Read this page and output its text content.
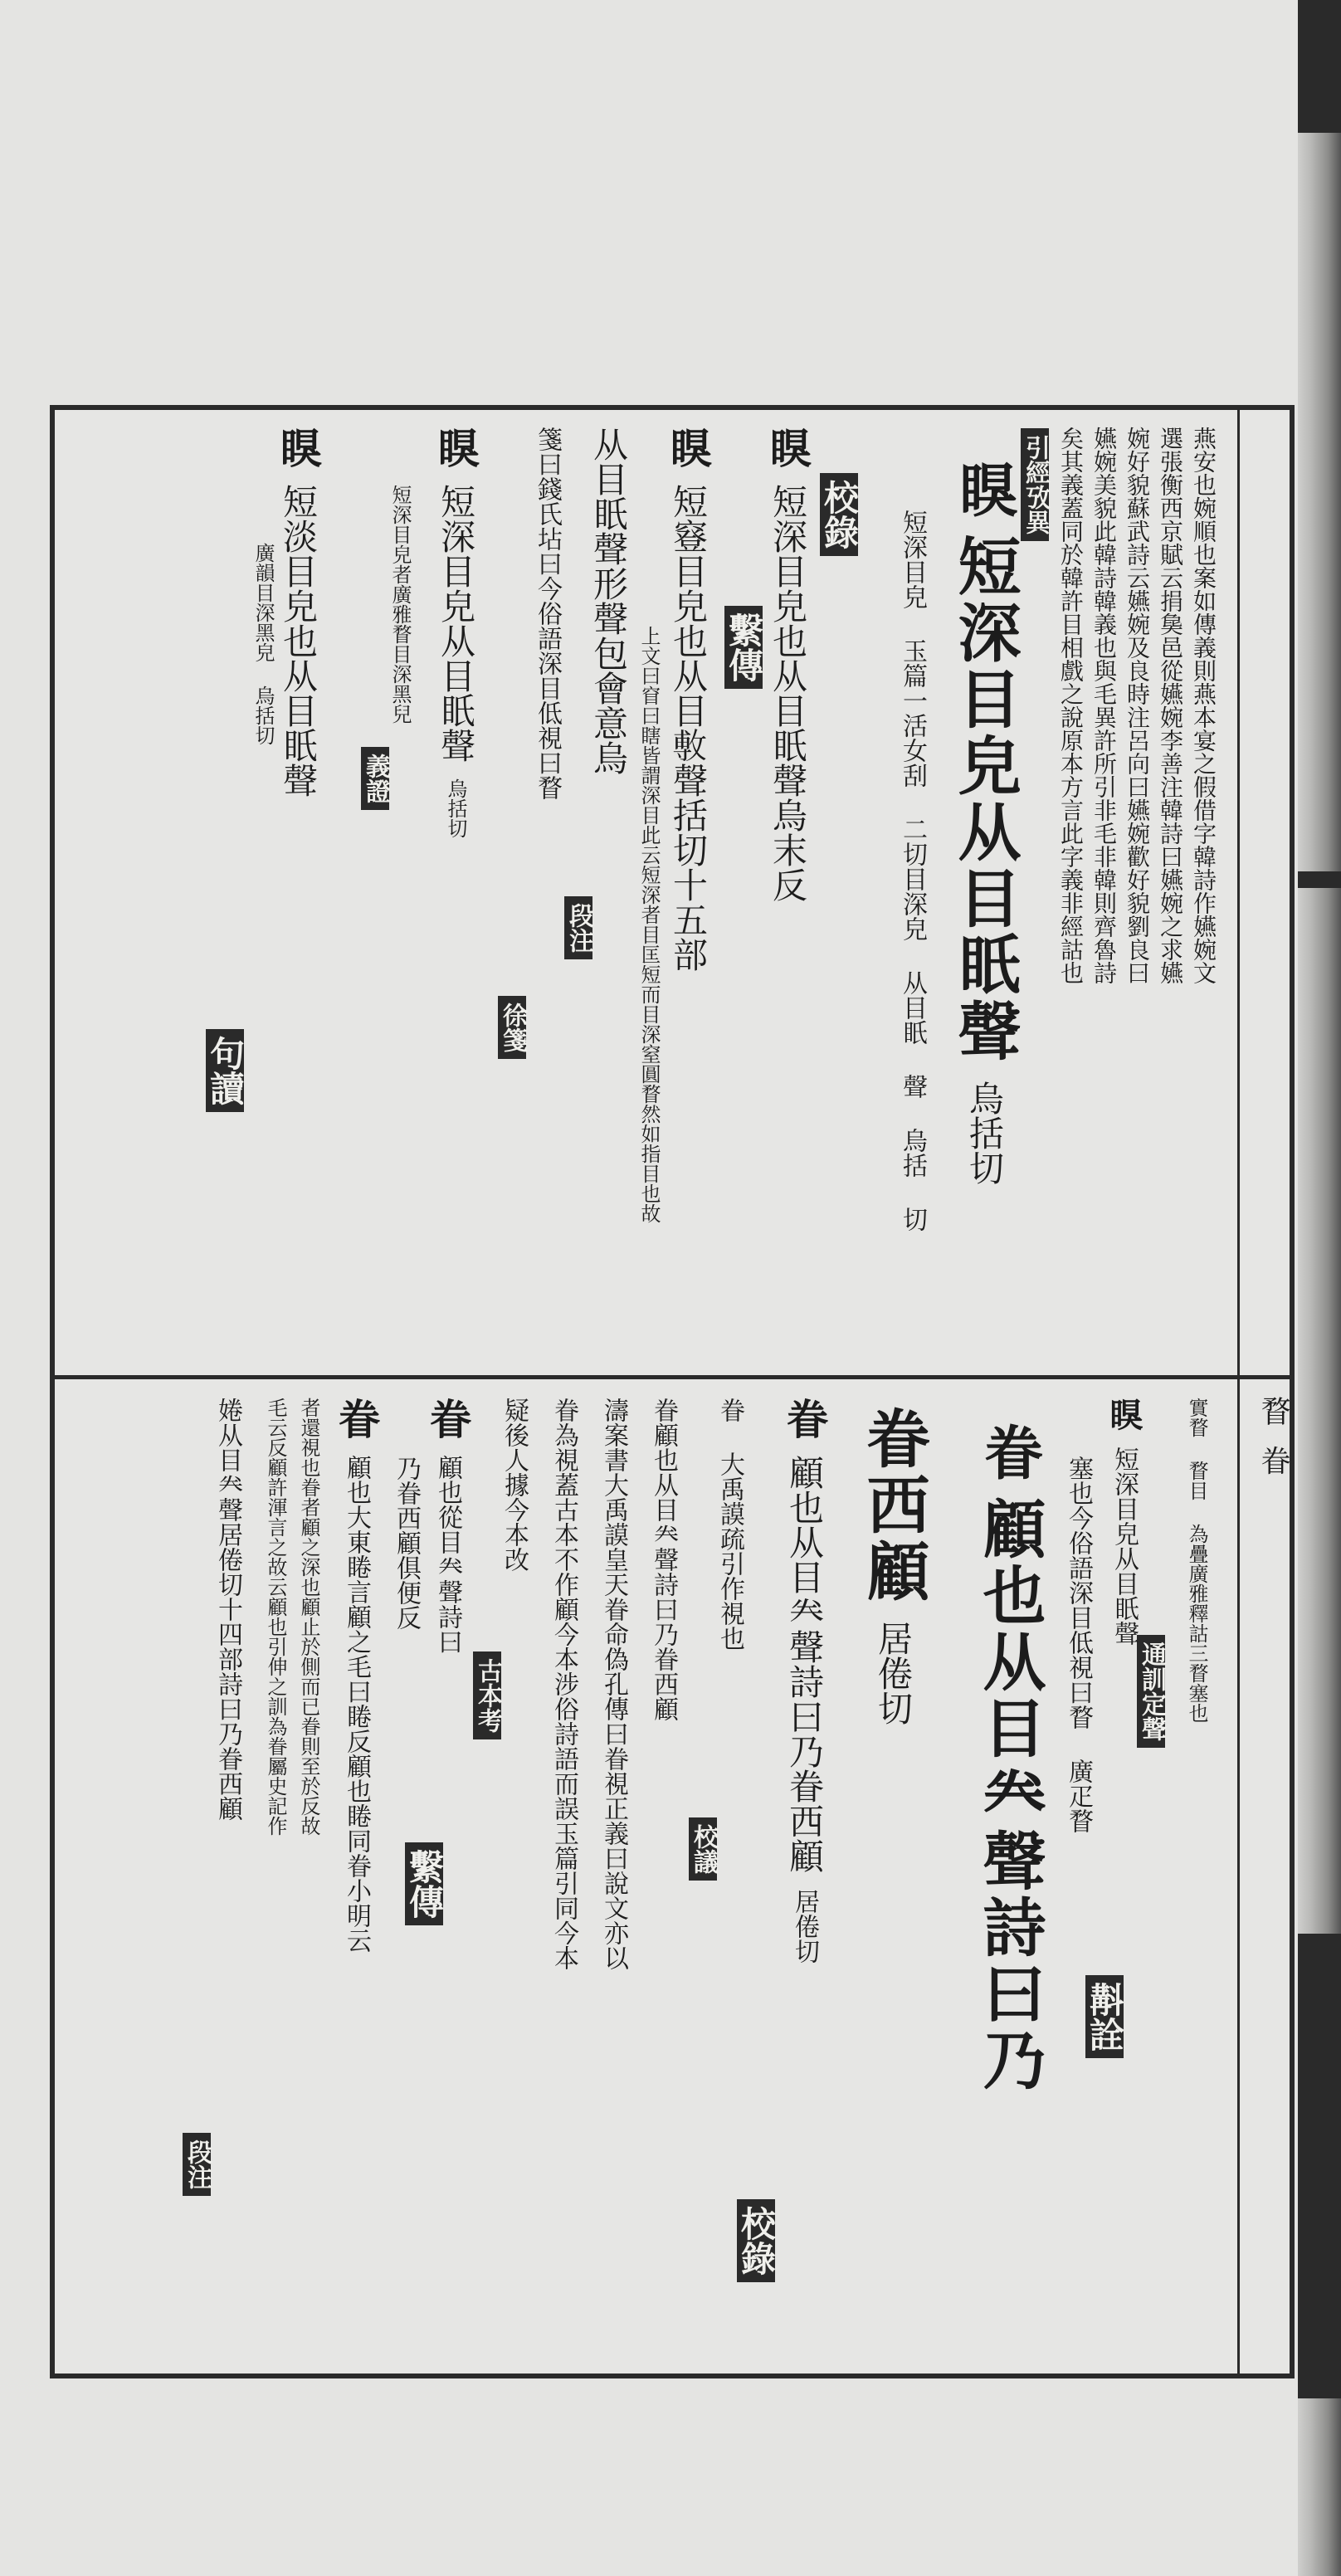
瞀 眷
燕安也婉順也案如傳義則燕本宴之假借字韓詩作嬿婉文
選張衡西京賦云捐㚟邑從嬿婉李善注韓詩曰嬿婉之求嬿
婉好貌蘇武詩云嬿婉及良時注呂向曰嬿婉歡好貌劉良曰
嬿婉美貌此韓詩韓義也與毛異許所引非毛非韓則齊魯詩
矣其義蓋同於韓許目相戲之說原本方言此字義非經詁也
引經攷異
瞁 短深目皃从目眂聲 烏括切
短深目皃 玉篇一活女刮 二切目深皃 从目眂 聲 烏括 切
校錄
瞁 短深目皃也从目眂聲烏末反
繫傳
瞁 短䆸目皃也从目𢾭聲括切十五部
上文曰窅曰瞎皆謂深目此云短深者目匡短而目深窒圓瞀然如指目也故
从目眂聲形聲包會意烏
段注
箋曰錢氏坫曰今俗語深目低視曰瞀
徐箋
瞁 短深目皃从目眂聲 烏括切
短深目皃者廣雅瞀目深黑兒
義證
瞁 短淡目皃也从目眂聲
廣韻目深黑皃 烏括切
句讀
實瞀 瞀目 為疊廣雅釋詁三瞀塞也
通訓定聲
瞁 短深目皃从目眂聲
塞也今俗語深目低視曰瞀 廣疋瞀
斠詮
眷 顧也从目𠔉聲詩曰乃
眷西顧 居倦切
眷 顧也从目𠔉聲詩曰乃眷西顧 居倦切
校錄
眷 大禹謨疏引作視也
校議
眷顧也从目𠔉聲詩曰乃眷西顧
濤案書大禹謨皇天眷命偽孔傳曰眷視正義曰說文亦以
眷為視蓋古本不作顧今本涉俗詩語而誤玉篇引同今本
疑後人據今本改
古本考
眷 顧也從目𠔉聲詩曰
乃眷西顧俱便反
繫傳
眷 顧也大東睠言顧之毛曰睠反顧也睠同眷小明云
者還視也眷者顧之深也顧止於側而已眷則至於反故
毛云反顧許渾言之故云顧也引伸之訓為眷屬史記作
婘从目𠔉聲居倦切十四部詩曰乃眷西顧
段注
